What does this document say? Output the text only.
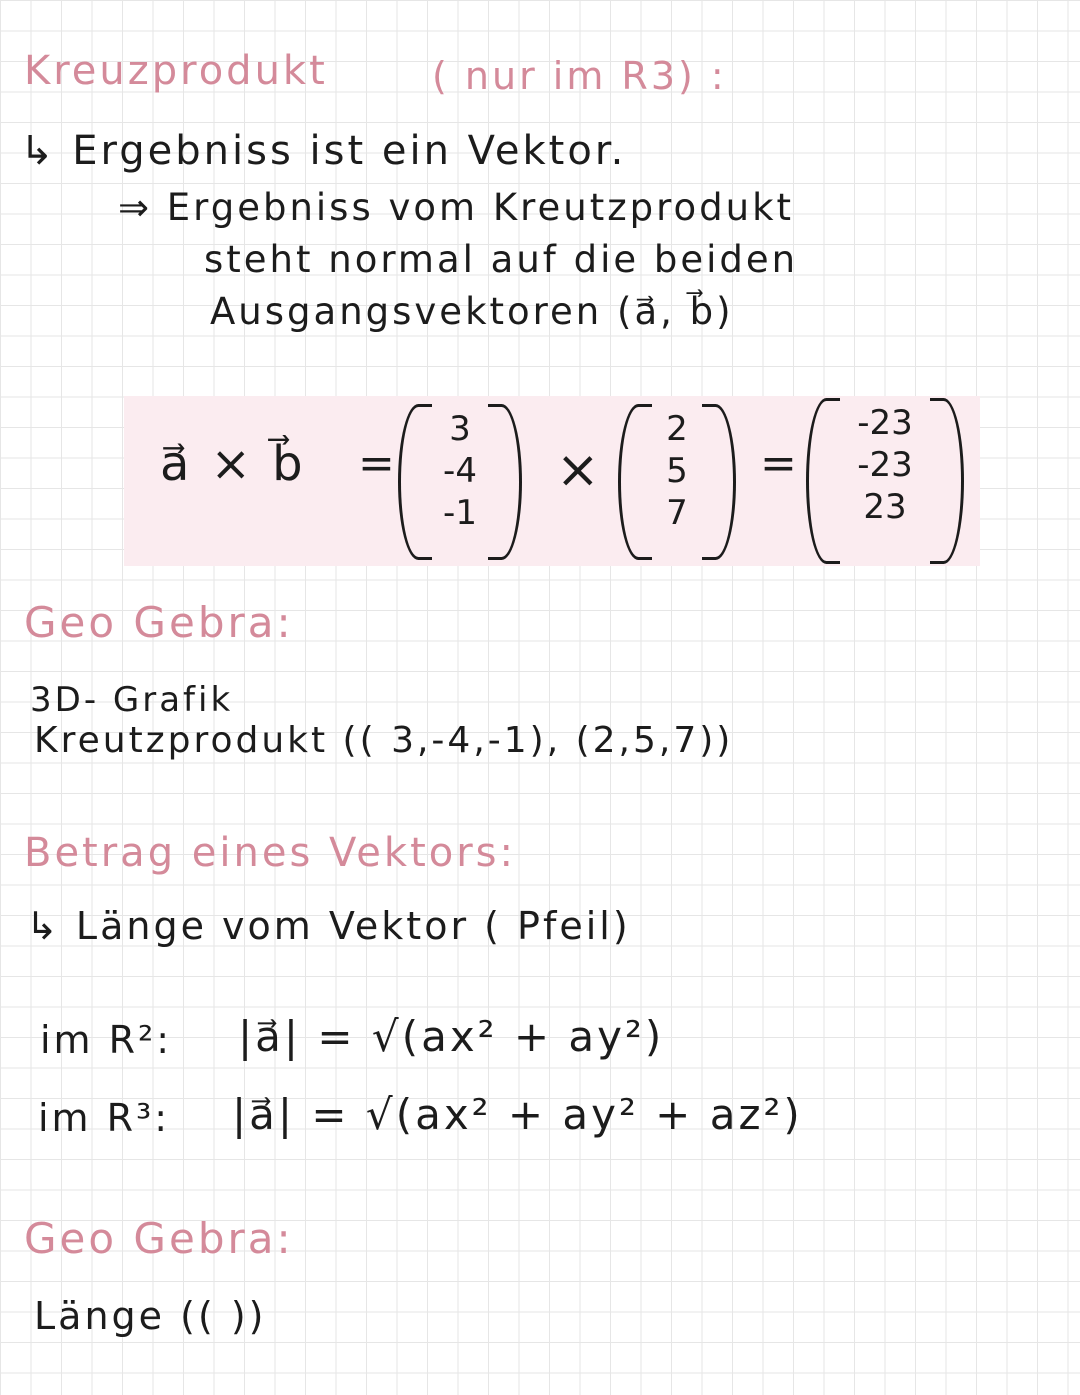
Kreuzprodukt	( nur im R3) :
↳ Ergebniss ist ein Vektor.
⇒ Ergebniss vom Kreutzprodukt
steht normal auf die beiden
Ausgangsvektoren (a⃗, b⃗)
a⃗ × b⃗ =
3
-4
-1
×
2
5
7
=
-23
-23
23
Geo Gebra:
3D- Grafik
Kreutzprodukt (( 3,-4,-1), (2,5,7))
Betrag eines Vektors:
↳ Länge vom Vektor ( Pfeil)
im R²: |a⃗| = √(ax² + ay²)
im R³: |a⃗| = √(ax² + ay² + az²)
Geo Gebra:
Länge (( ))
